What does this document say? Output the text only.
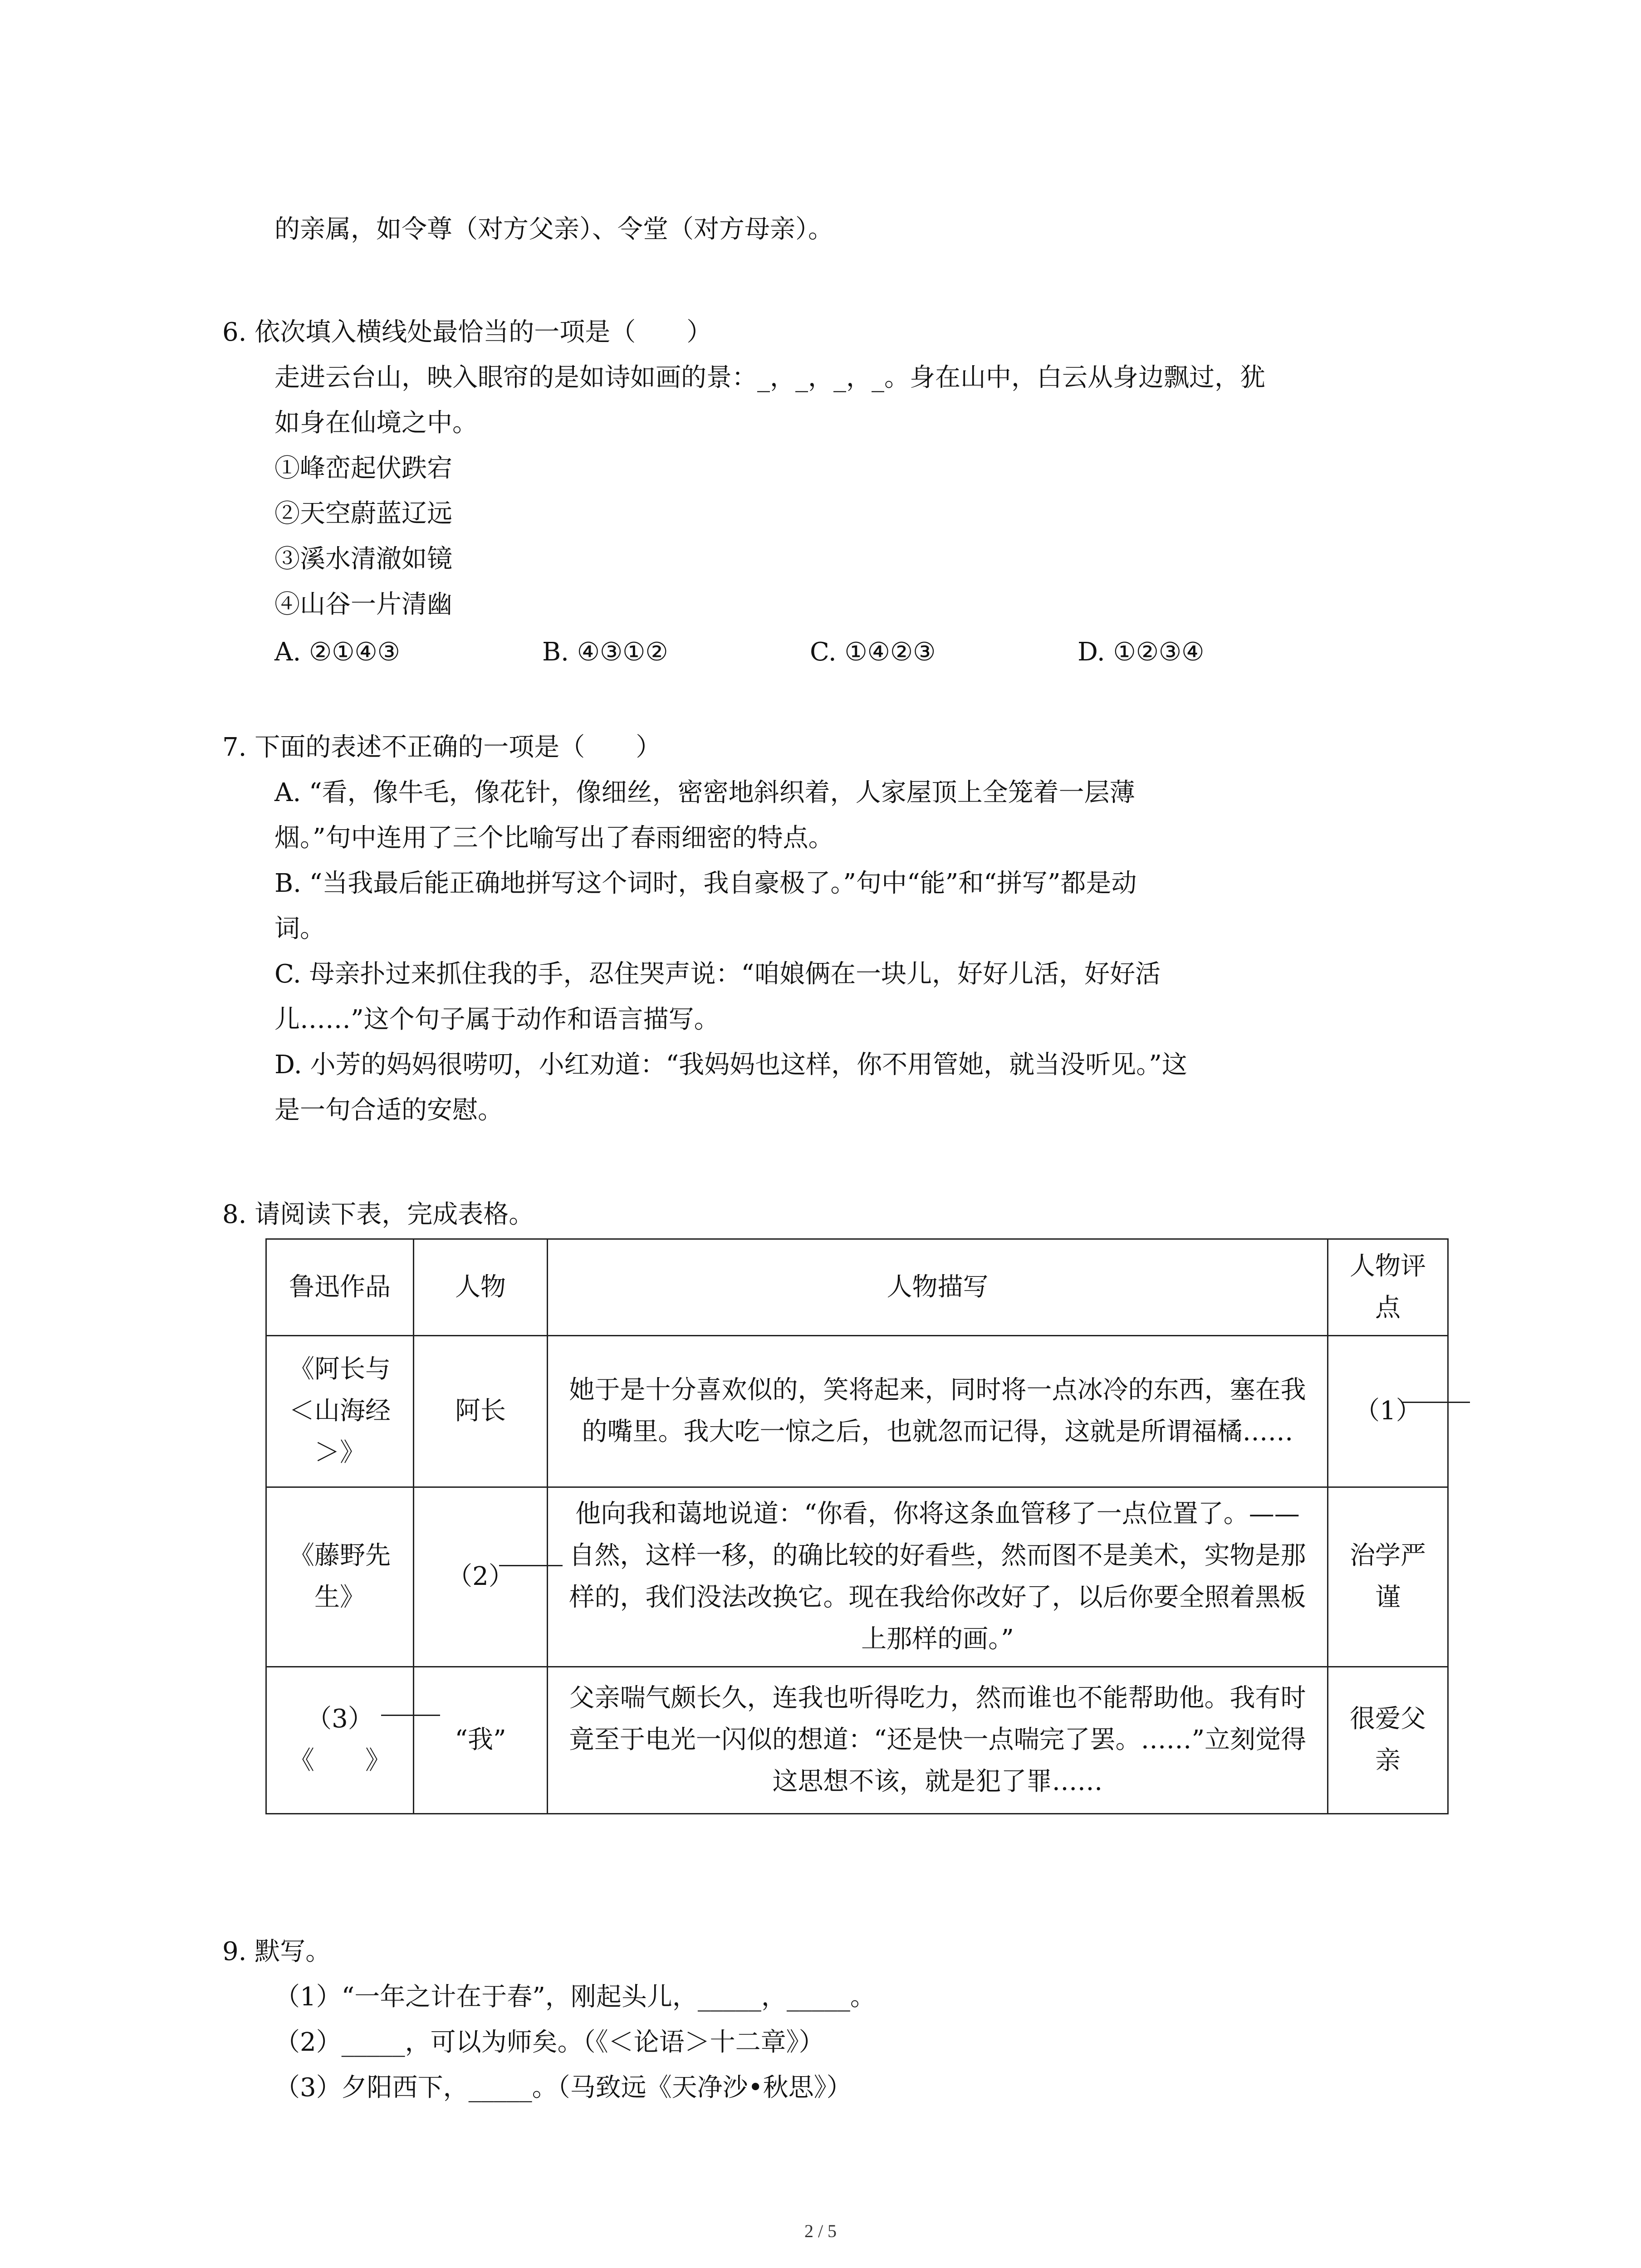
的亲属，如令尊（对方父亲）、令堂（对方母亲）。
6. 依次填入横线处最恰当的一项是（　　）
走进云台山，映入眼帘的是如诗如画的景：_，_，_，_。身在山中，白云从身边飘过，犹
如身在仙境之中。
①峰峦起伏跌宕
②天空蔚蓝辽远
③溪水清澈如镜
④山谷一片清幽
A. ②①④③	B. ④③①②	C. ①④②③	D. ①②③④
7. 下面的表述不正确的一项是（　　）
A. “看，像牛毛，像花针，像细丝，密密地斜织着，人家屋顶上全笼着一层薄
烟。”句中连用了三个比喻写出了春雨细密的特点。
B. “当我最后能正确地拼写这个词时，我自豪极了。”句中“能”和“拼写”都是动
词。
C. 母亲扑过来抓住我的手，忍住哭声说：“咱娘俩在一块儿，好好儿活，好好活
儿……”这个句子属于动作和语言描写。
D. 小芳的妈妈很唠叨，小红劝道：“我妈妈也这样，你不用管她，就当没听见。”这
是一句合适的安慰。
8. 请阅读下表，完成表格。
鲁迅作品	人物	人物描写	人物评点
《阿长与＜山海经＞》	阿长	她于是十分喜欢似的，笑将起来，同时将一点冰冷的东西，塞在我的嘴里。我大吃一惊之后，也就忽而记得，这就是所谓福橘……	（1）
《藤野先生》	（2）	他向我和蔼地说道：“你看，你将这条血管移了一点位置了。——自然，这样一移，的确比较的好看些，然而图不是美术，实物是那样的，我们没法改换它。现在我给你改好了，以后你要全照着黑板上那样的画。”	治学严谨
（3）《　　》	“我”	父亲喘气颇长久，连我也听得吃力，然而谁也不能帮助他。我有时竟至于电光一闪似的想道：“还是快一点喘完了罢。……”立刻觉得这思想不该，就是犯了罪……	很爱父亲
9. 默写。
（1）“一年之计在于春”，刚起头儿，_____，_____。
（2）_____，可以为师矣。（《＜论语＞十二章》）
（3）夕阳西下，_____。（马致远《天净沙•秋思》）
2 / 5
